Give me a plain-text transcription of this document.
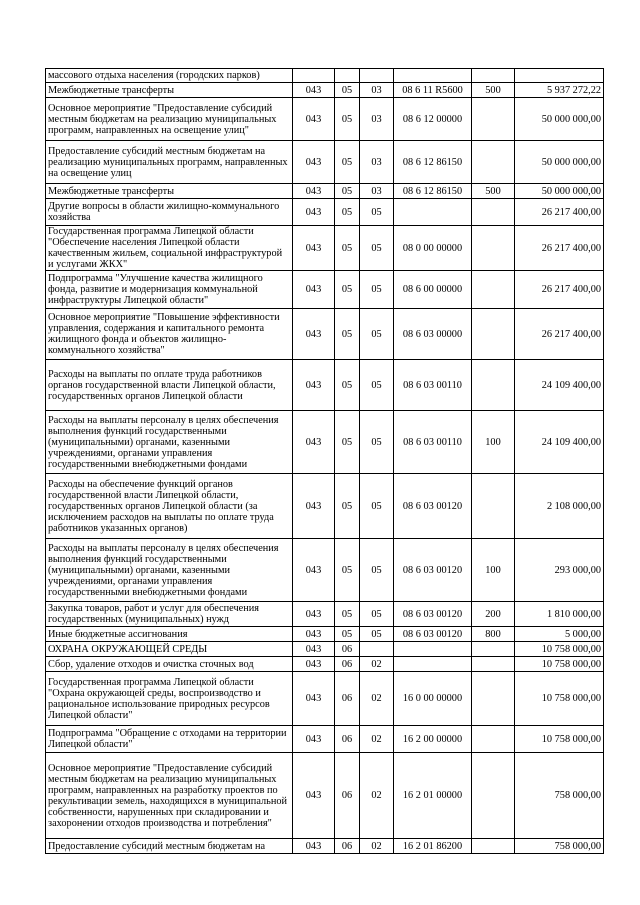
массового отдыха населения (городских парков)						
Межбюджетные трансферты	043	05	03	08 6 11 R5600	500	5 937 272,22
Основное мероприятие "Предоставление субсидий местным бюджетам на реализацию муниципальных программ, направленных на освещение улиц"	043	05	03	08 6 12 00000		50 000 000,00
Предоставление субсидий местным бюджетам на реализацию муниципальных программ, направленных на освещение улиц	043	05	03	08 6 12 86150		50 000 000,00
Межбюджетные трансферты	043	05	03	08 6 12 86150	500	50 000 000,00
Другие вопросы в области жилищно-коммунального хозяйства	043	05	05			26 217 400,00
Государственная программа Липецкой области "Обеспечение населения Липецкой области качественным жильем, социальной инфраструктурой и услугами ЖКХ"	043	05	05	08 0 00 00000		26 217 400,00
Подпрограмма "Улучшение качества жилищного фонда, развитие и модернизация коммунальной инфраструктуры Липецкой области"	043	05	05	08 6 00 00000		26 217 400,00
Основное мероприятие "Повышение эффективности управления, содержания и капитального ремонта жилищного фонда и объектов жилищно-коммунального хозяйства"	043	05	05	08 6 03 00000		26 217 400,00
Расходы на выплаты по оплате труда работников органов государственной власти Липецкой области, государственных органов Липецкой области	043	05	05	08 6 03 00110		24 109 400,00
Расходы на выплаты персоналу в целях обеспечения выполнения функций государственными (муниципальными) органами, казенными учреждениями, органами управления государственными внебюджетными фондами	043	05	05	08 6 03 00110	100	24 109 400,00
Расходы на обеспечение функций органов государственной власти Липецкой области, государственных органов Липецкой области (за исключением расходов на выплаты по оплате труда работников указанных органов)	043	05	05	08 6 03 00120		2 108 000,00
Расходы на выплаты персоналу в целях обеспечения выполнения функций государственными (муниципальными) органами, казенными учреждениями, органами управления государственными внебюджетными фондами	043	05	05	08 6 03 00120	100	293 000,00
Закупка товаров, работ и услуг для обеспечения государственных (муниципальных) нужд	043	05	05	08 6 03 00120	200	1 810 000,00
Иные бюджетные ассигнования	043	05	05	08 6 03 00120	800	5 000,00
ОХРАНА ОКРУЖАЮЩЕЙ СРЕДЫ	043	06				10 758 000,00
Сбор, удаление отходов и очистка сточных вод	043	06	02			10 758 000,00
Государственная программа Липецкой области "Охрана окружающей среды, воспроизводство и рациональное использование природных ресурсов Липецкой области"	043	06	02	16 0 00 00000		10 758 000,00
Подпрограмма "Обращение с отходами на территории Липецкой области"	043	06	02	16 2 00 00000		10 758 000,00
Основное мероприятие "Предоставление субсидий местным бюджетам на реализацию муниципальных программ, направленных на разработку проектов по рекультивации земель, находящихся в муниципальной собственности, нарушенных при складировании и захоронении отходов производства и потребления"	043	06	02	16 2 01 00000		758 000,00
Предоставление субсидий местным бюджетам на	043	06	02	16 2 01 86200		758 000,00
